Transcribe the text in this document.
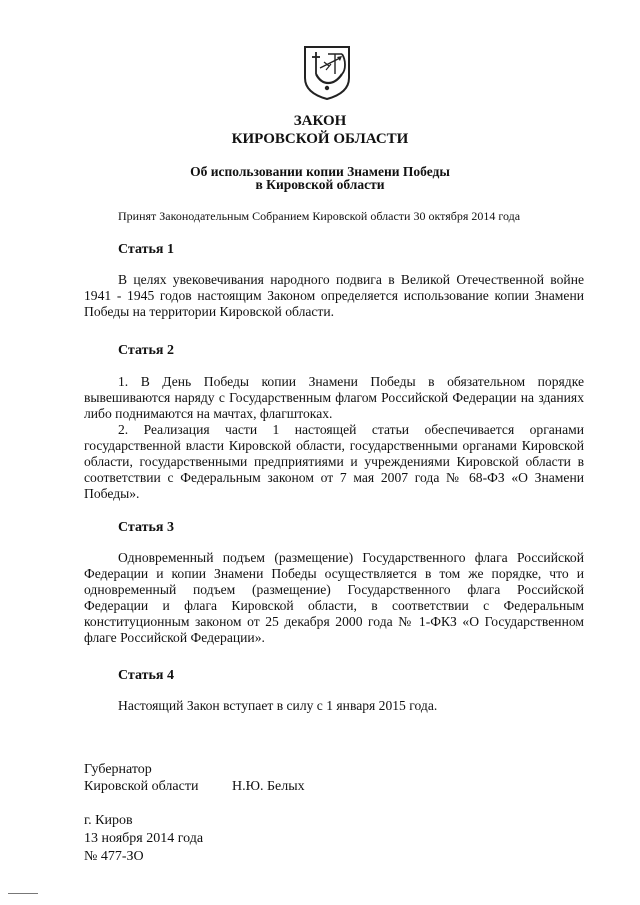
ЗАКОН
КИРОВСКОЙ ОБЛАСТИ
Об использовании копии Знамени Победы
в Кировской области
Принят Законодательным Собранием Кировской области 30 октября 2014 года
Статья 1

В целях увековечивания народного подвига в Великой Отечественной войне 1941 - 1945 годов настоящим Законом определяется использование копии Знамени Победы на территории Кировской области.

Статья 2

1. В День Победы копии Знамени Победы в обязательном порядке вывешиваются наряду с Государственным флагом Российской Федерации на зданиях либо поднимаются на мачтах, флагштоках.

2. Реализация части 1 настоящей статьи обеспечивается органами государственной власти Кировской области, государственными органами Кировской области, государственными предприятиями и учреждениями Кировской области в соответствии с Федеральным законом от 7 мая 2007 года № 68-ФЗ «О Знамени Победы».

Статья 3

Одновременный подъем (размещение) Государственного флага Российской Федерации и копии Знамени Победы осуществляется в том же порядке, что и одновременный подъем (размещение) Государственного флага Российской Федерации и флага Кировской области, в соответствии с Федеральным конституционным законом от 25 декабря 2000 года № 1-ФКЗ «О Государственном флаге Российской Федерации».

Статья 4

Настоящий Закон вступает в силу с 1 января 2015 года.

Губернатор
Кировской области Н.Ю. Белых
г. Киров
13 ноября 2014 года
№ 477-ЗО
